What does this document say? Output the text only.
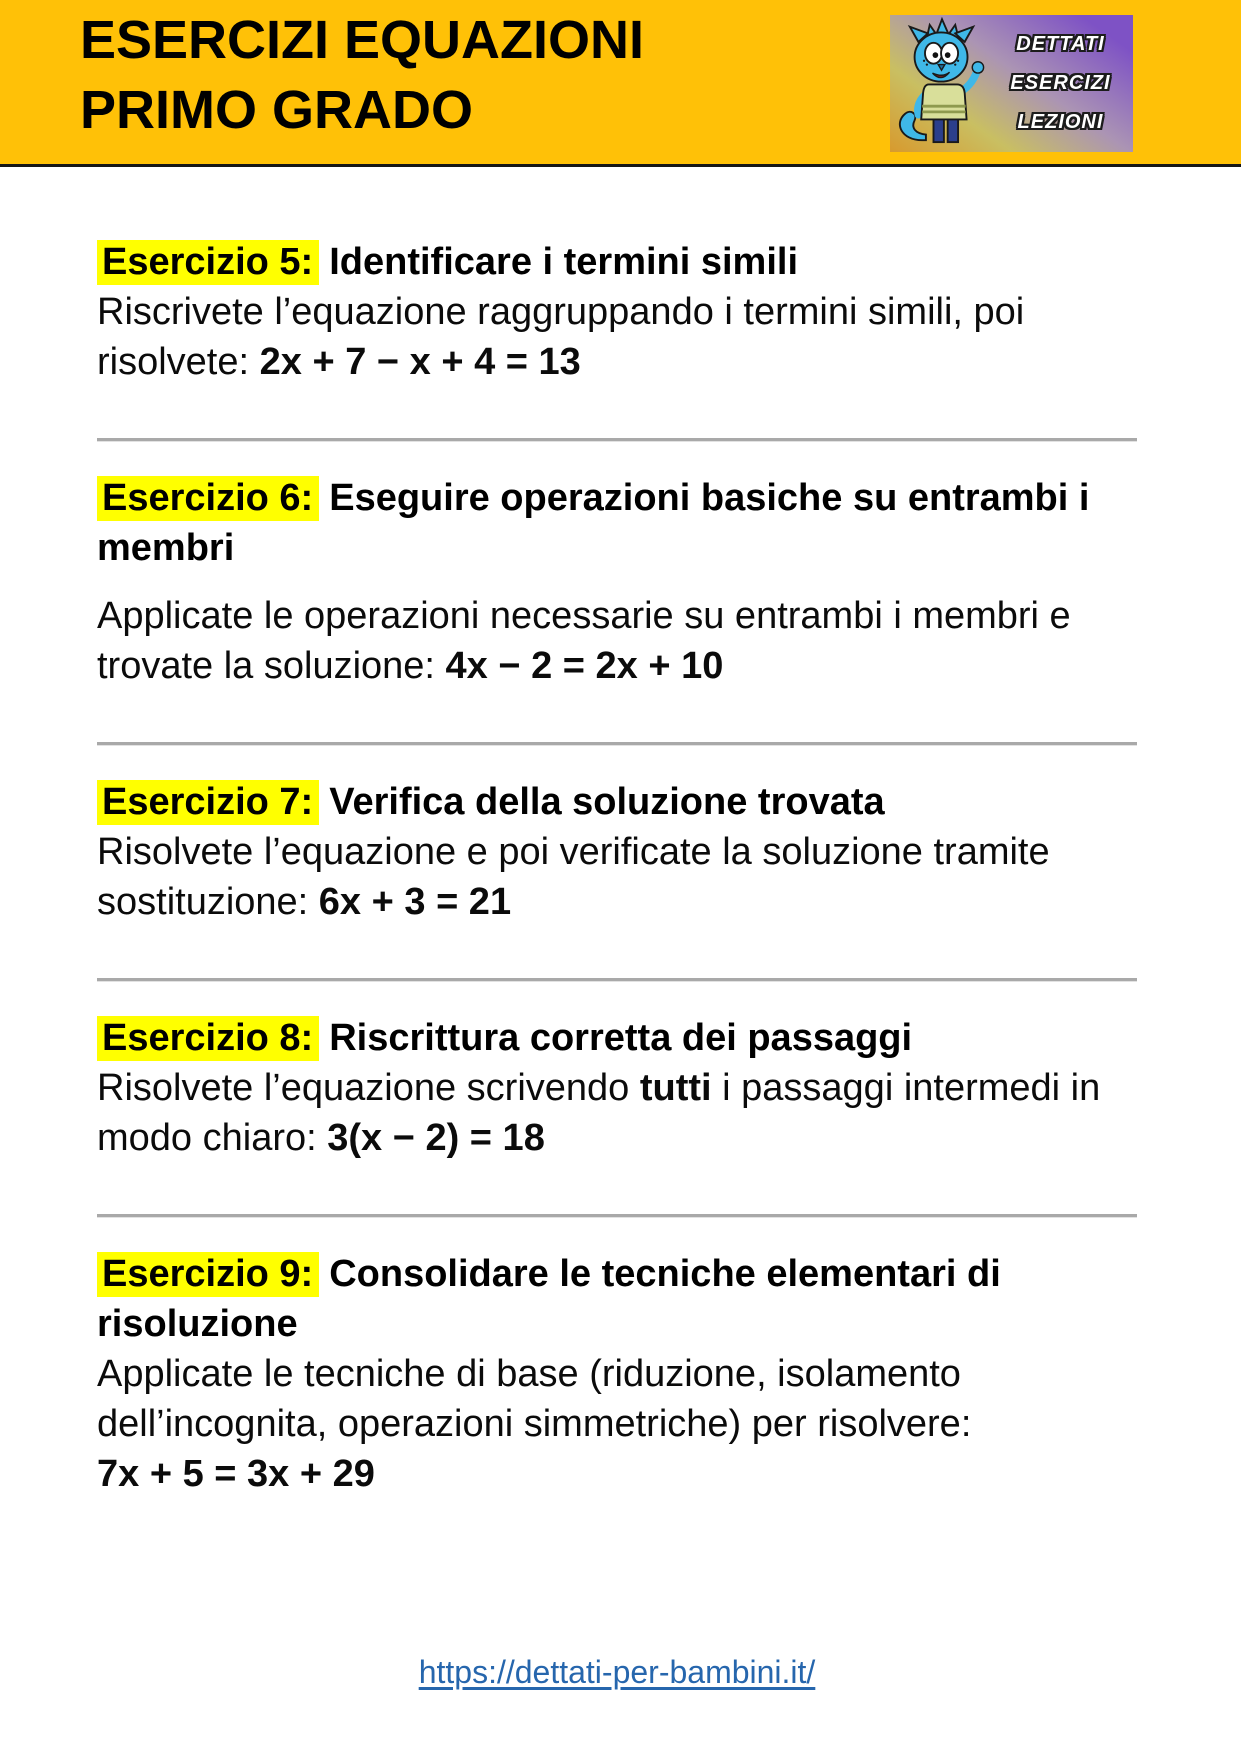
ESERCIZI EQUAZIONI
PRIMO GRADO
DETTATI
ESERCIZI
LEZIONI
Esercizio 5: Identificare i termini simili

Riscrivete l’equazione raggruppando i termini simili, poi risolvete: 2x + 7 − x + 4 = 13

Esercizio 6: Eseguire operazioni basiche su entrambi i membri

Applicate le operazioni necessarie su entrambi i membri e trovate la soluzione: 4x − 2 = 2x + 10

Esercizio 7: Verifica della soluzione trovata

Risolvete l’equazione e poi verificate la soluzione tramite sostituzione: 6x + 3 = 21

Esercizio 8: Riscrittura corretta dei passaggi

Risolvete l’equazione scrivendo tutti i passaggi intermedi in modo chiaro: 3(x − 2) = 18

Esercizio 9: Consolidare le tecniche elementari di risoluzione

Applicate le tecniche di base (riduzione, isolamento dell’incognita, operazioni simmetriche) per risolvere: 7x + 5 = 3x + 29

https://dettati-per-bambini.it/
